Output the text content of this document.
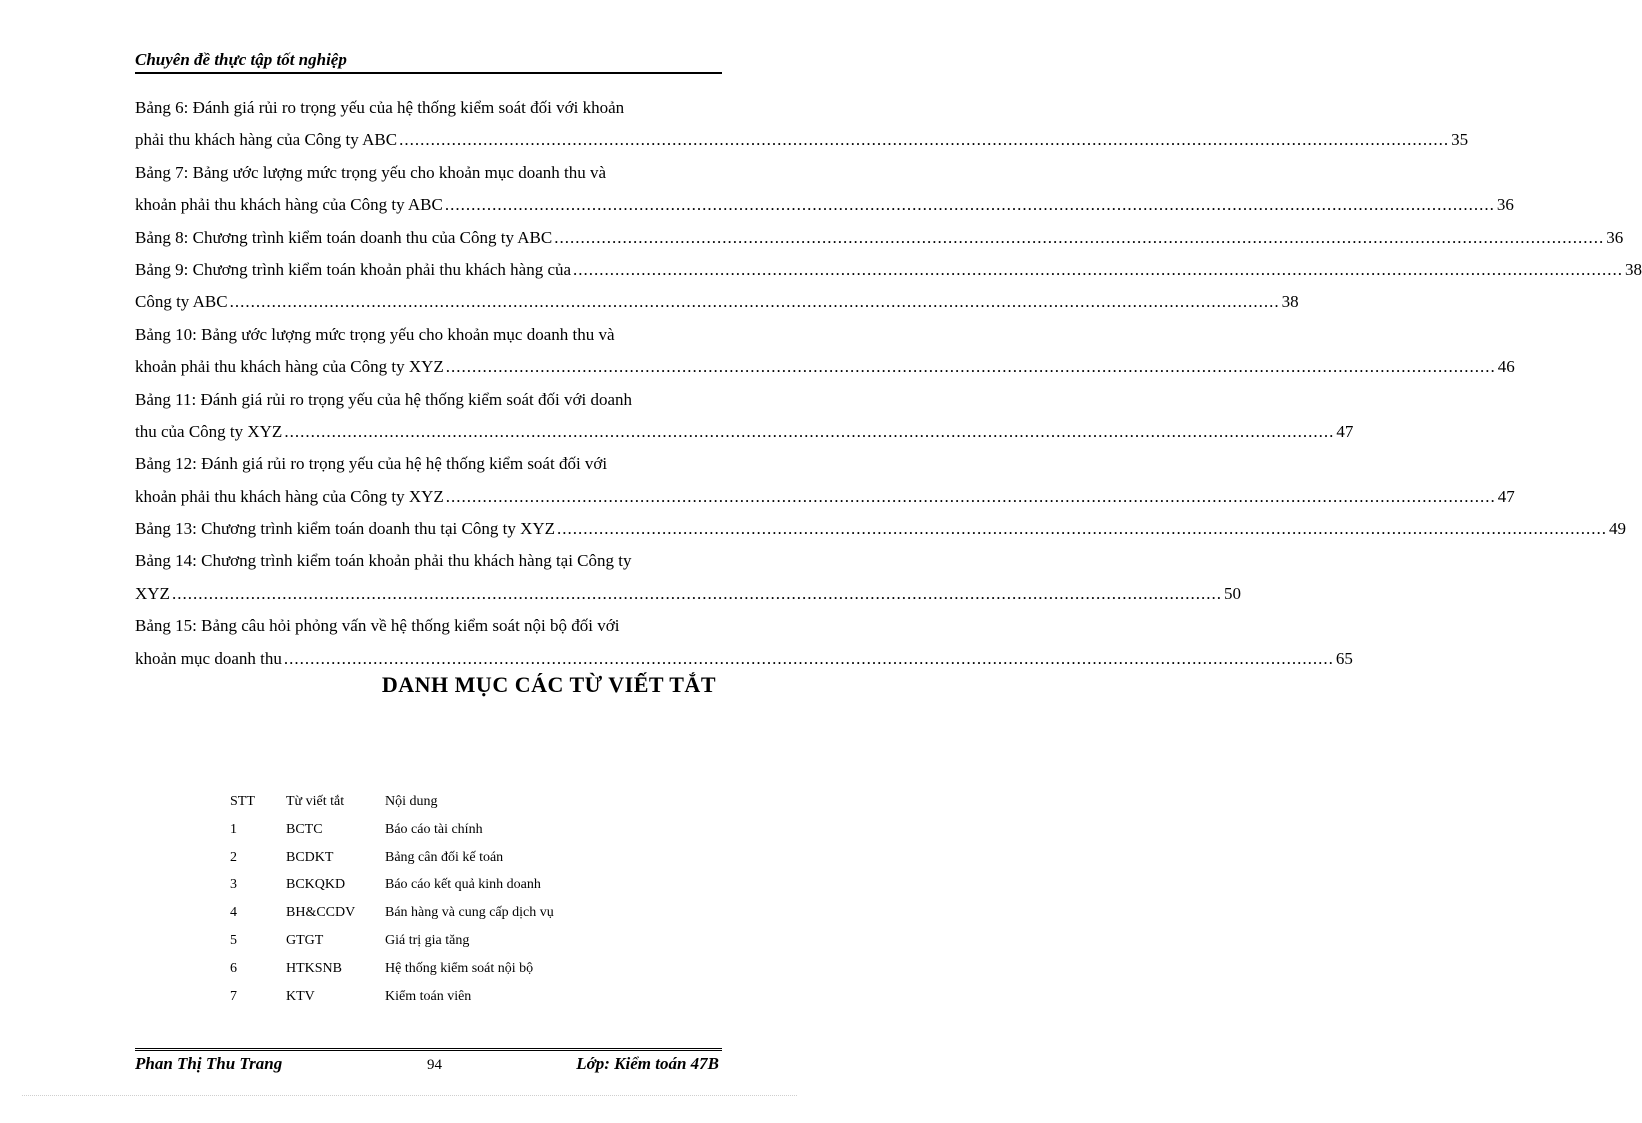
Chuyên đề thực tập tốt nghiệp
Bảng 6: Đánh giá rủi ro trọng yếu của hệ thống kiểm soát đối với khoản
phải thu khách hàng của Công ty ABC ........................................................................................................................................................................................................ 35
Bảng 7: Bảng ước lượng mức trọng yếu cho khoản mục doanh thu và
khoản phải thu khách hàng của Công ty ABC ........................................................................................................................................................................................................ 36
Bảng 8: Chương trình kiểm toán doanh thu của Công ty ABC ........................................................................................................................................................................................................ 36
Bảng 9: Chương trình kiểm toán khoản phải thu khách hàng của ........................................................................................................................................................................................................ 38
Công ty ABC ........................................................................................................................................................................................................ 38
Bảng 10: Bảng ước lượng mức trọng yếu cho khoản mục doanh thu và
khoản phải thu khách hàng của Công ty XYZ ........................................................................................................................................................................................................ 46
Bảng 11: Đánh giá rủi ro trọng yếu của hệ thống kiểm soát đối với doanh
thu của Công ty XYZ ........................................................................................................................................................................................................ 47
Bảng 12: Đánh giá rủi ro trọng yếu của hệ hệ thống kiểm soát đối với
khoản phải thu khách hàng của Công ty XYZ ........................................................................................................................................................................................................ 47
Bảng 13: Chương trình kiểm toán doanh thu tại Công ty XYZ ........................................................................................................................................................................................................ 49
Bảng 14: Chương trình kiểm toán khoản phải thu khách hàng tại Công ty
XYZ ........................................................................................................................................................................................................ 50
Bảng 15: Bảng câu hỏi phỏng vấn về hệ thống kiểm soát nội bộ đối với
khoản mục doanh thu ........................................................................................................................................................................................................ 65
DANH MỤC CÁC TỪ VIẾT TẮT
STT	Từ viết tắt	Nội dung
1	BCTC	Báo cáo tài chính
2	BCDKT	Bảng cân đối kế toán
3	BCKQKD	Báo cáo kết quả kinh doanh
4	BH&CCDV	Bán hàng và cung cấp dịch vụ
5	GTGT	Giá trị gia tăng
6	HTKSNB	Hệ thống kiểm soát nội bộ
7	KTV	Kiểm toán viên
Phan Thị Thu Trang	94	Lớp: Kiểm toán 47B
